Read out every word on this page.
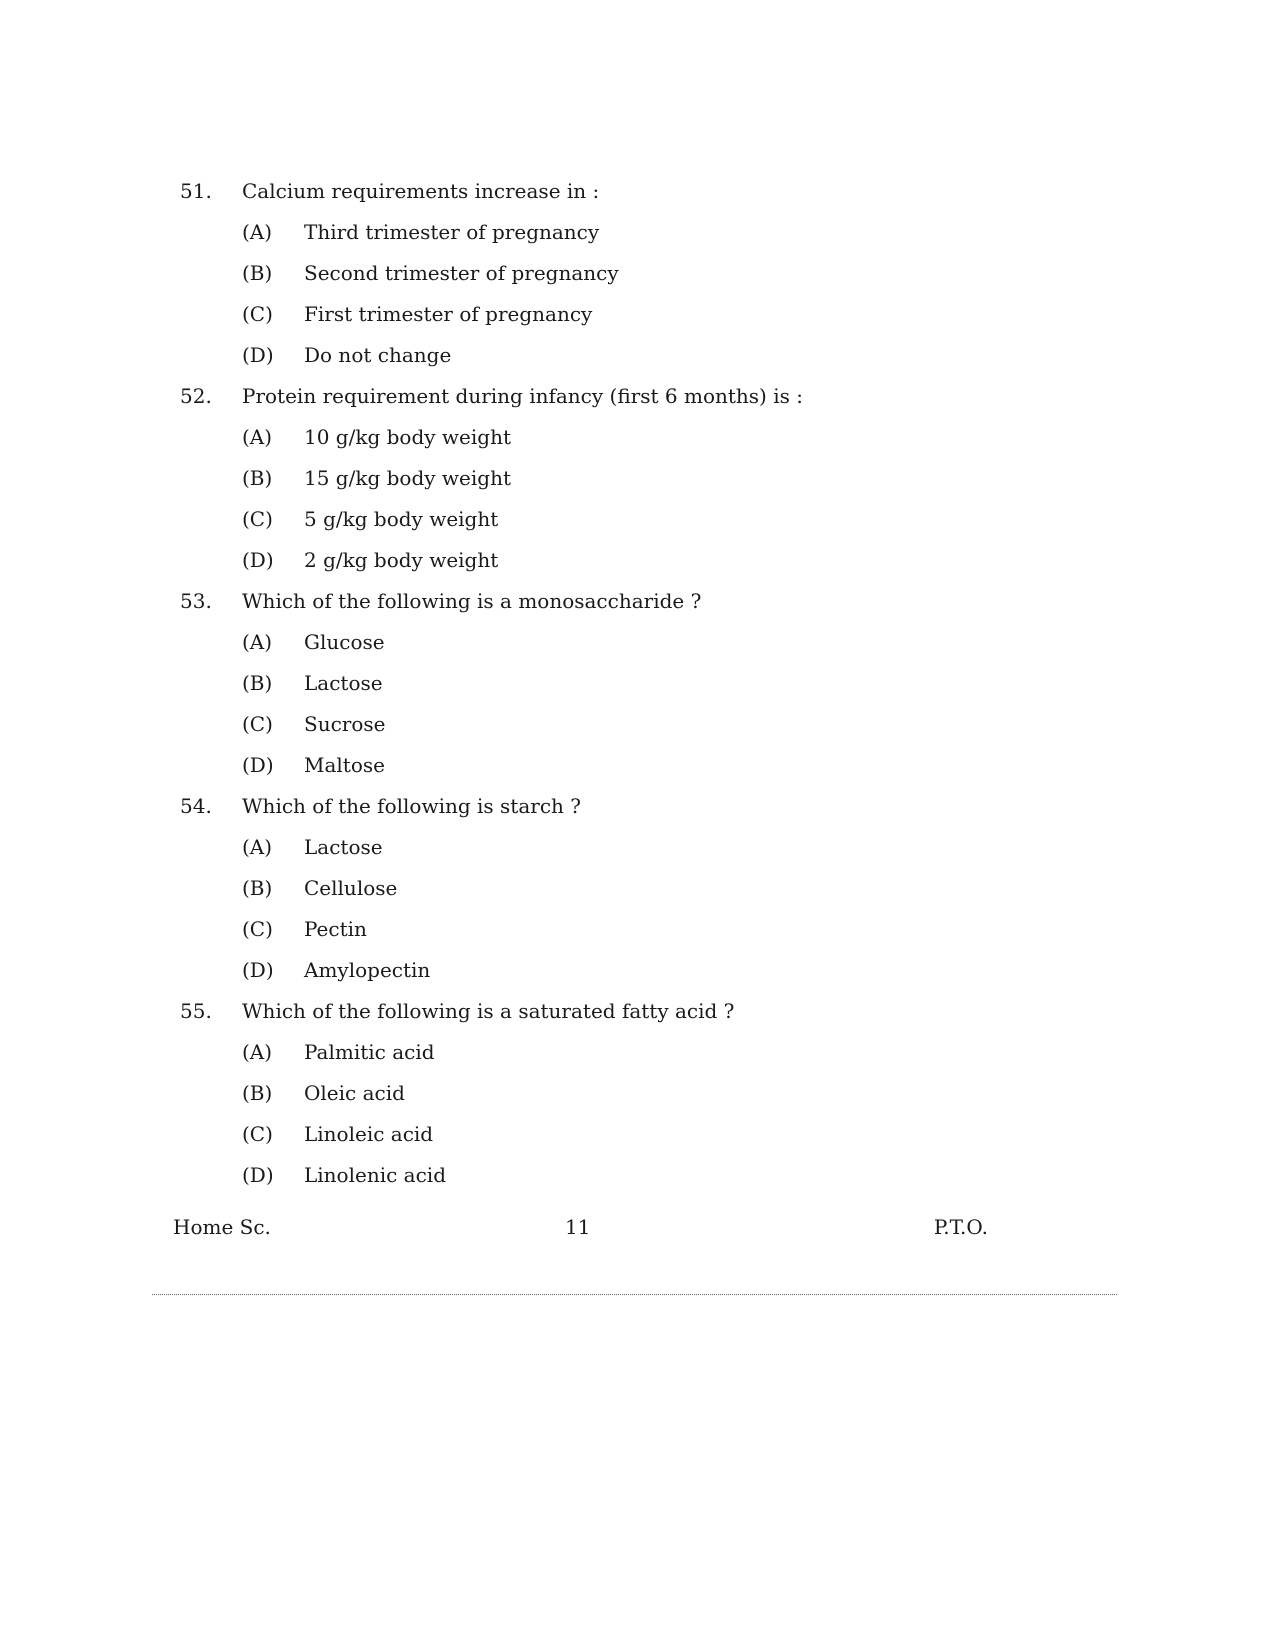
51.	Calcium requirements increase in :
(A)	Third trimester of pregnancy
(B)	Second trimester of pregnancy
(C)	First trimester of pregnancy
(D)	Do not change
52.	Protein requirement during infancy (first 6 months) is :
(A)	10 g/kg body weight
(B)	15 g/kg body weight
(C)	5 g/kg body weight
(D)	2 g/kg body weight
53.	Which of the following is a monosaccharide ?
(A)	Glucose
(B)	Lactose
(C)	Sucrose
(D)	Maltose
54.	Which of the following is starch ?
(A)	Lactose
(B)	Cellulose
(C)	Pectin
(D)	Amylopectin
55.	Which of the following is a saturated fatty acid ?
(A)	Palmitic acid
(B)	Oleic acid
(C)	Linoleic acid
(D)	Linolenic acid
Home Sc.	11	P.T.O.
